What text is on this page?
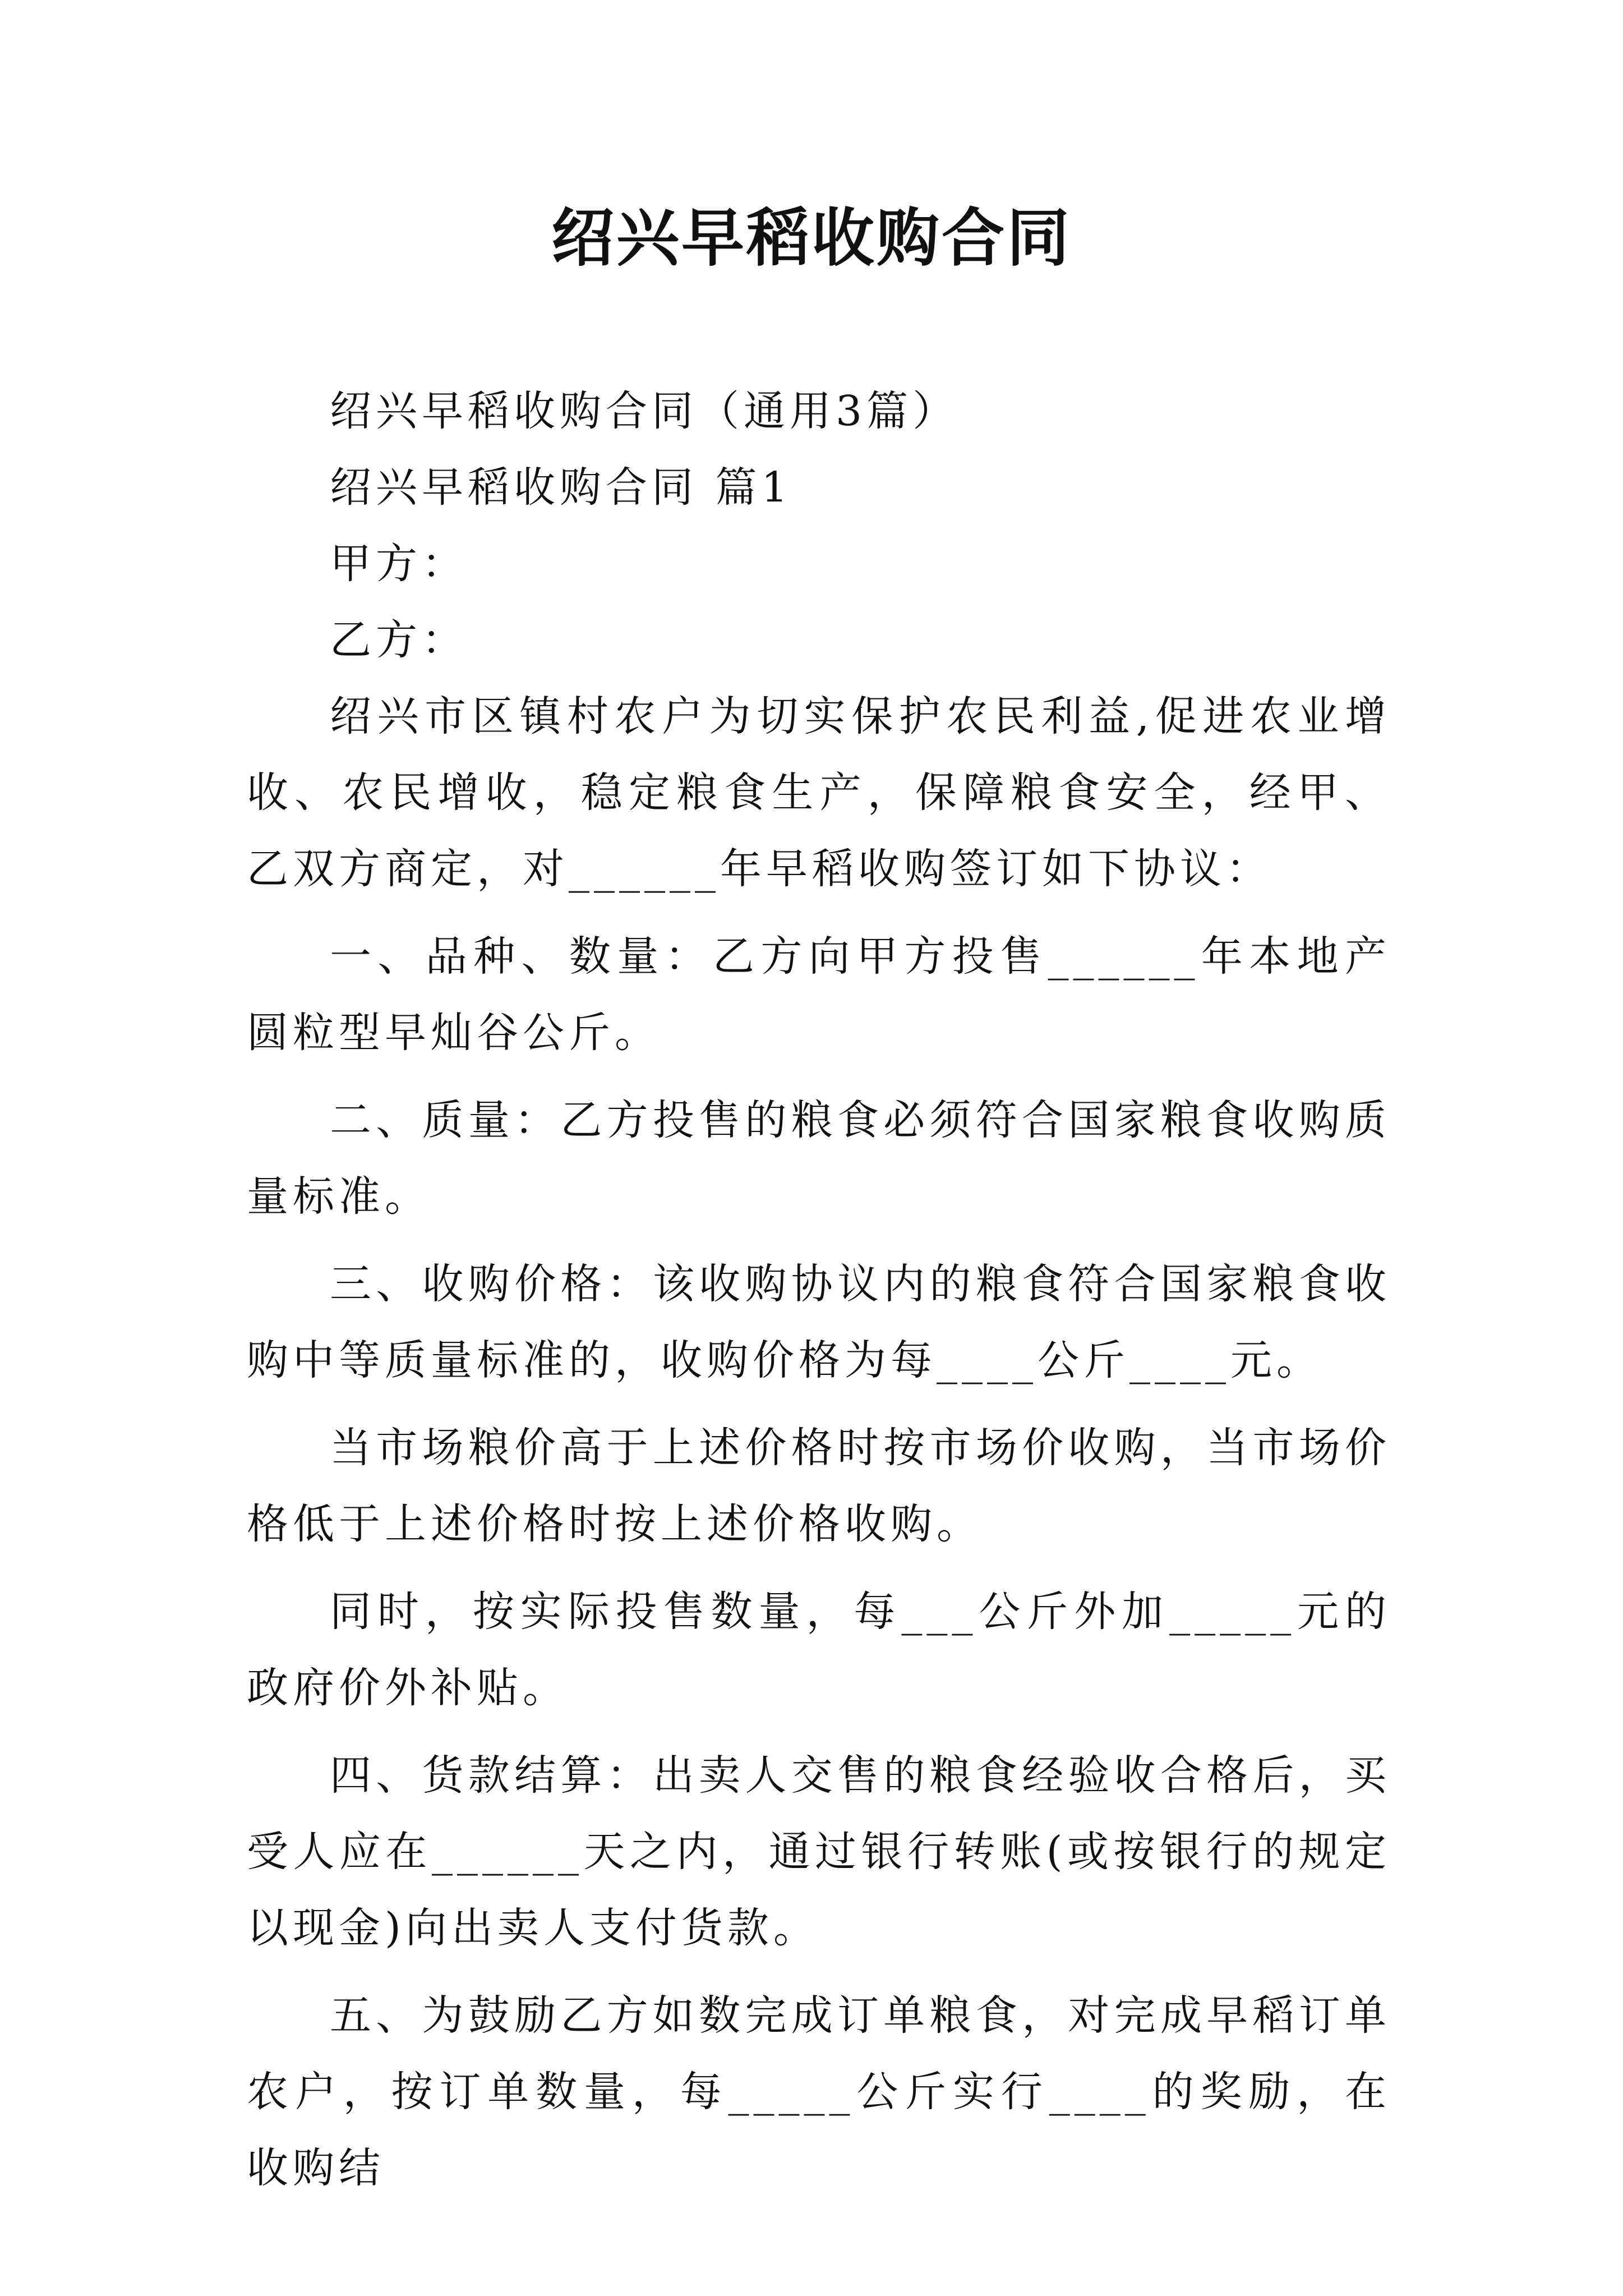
绍兴早稻收购合同

绍兴早稻收购合同（通用3篇）

绍兴早稻收购合同 篇1

甲方：

乙方：

绍兴市区镇村农户为切实保护农民利益,促进农业增收、农民增收，稳定粮食生产，保障粮食安全，经甲、乙双方商定，对______年早稻收购签订如下协议：

一、品种、数量：乙方向甲方投售______年本地产圆粒型早灿谷公斤。

二、质量：乙方投售的粮食必须符合国家粮食收购质量标准。

三、收购价格：该收购协议内的粮食符合国家粮食收购中等质量标准的，收购价格为每____公斤____元。

当市场粮价高于上述价格时按市场价收购，当市场价格低于上述价格时按上述价格收购。

同时，按实际投售数量，每___公斤外加_____元的政府价外补贴。

四、货款结算：出卖人交售的粮食经验收合格后，买受人应在______天之内，通过银行转账(或按银行的规定以现金)向出卖人支付货款。

五、为鼓励乙方如数完成订单粮食，对完成早稻订单农户，按订单数量，每_____公斤实行____的奖励，在收购结
